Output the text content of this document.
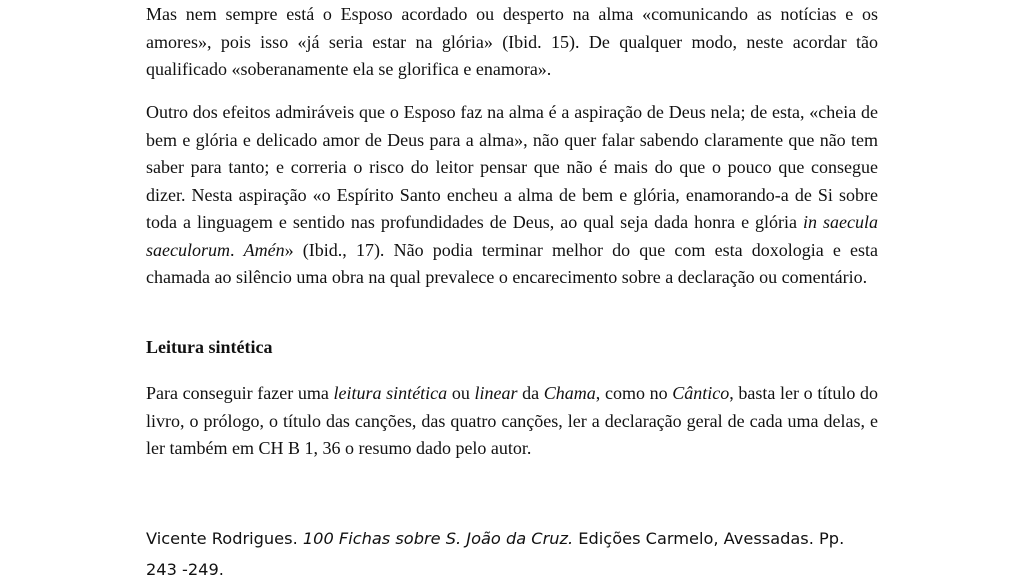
Mas nem sempre está o Esposo acordado ou desperto na alma «comunicando as notícias e os amores», pois isso «já seria estar na glória» (Ibid. 15). De qualquer modo, neste acordar tão qualificado «soberanamente ela se glorifica e enamora».

Outro dos efeitos admiráveis que o Esposo faz na alma é a aspiração de Deus nela; de esta, «cheia de bem e glória e delicado amor de Deus para a alma», não quer falar sabendo claramente que não tem saber para tanto; e correria o risco do leitor pensar que não é mais do que o pouco que consegue dizer. Nesta aspiração «o Espírito Santo encheu a alma de bem e glória, enamorando-a de Si sobre toda a linguagem e sentido nas profundidades de Deus, ao qual seja dada honra e glória in saecula saeculorum. Amén» (Ibid., 17). Não podia terminar melhor do que com esta doxologia e esta chamada ao silêncio uma obra na qual prevalece o encarecimento sobre a declaração ou comentário.

Leitura sintética

Para conseguir fazer uma leitura sintética ou linear da Chama, como no Cântico, basta ler o título do livro, o prólogo, o título das canções, das quatro canções, ler a declaração geral de cada uma delas, e ler também em CH B 1, 36 o resumo dado pelo autor.

Vicente Rodrigues. 100 Fichas sobre S. João da Cruz. Edições Carmelo, Avessadas. Pp. 243 -249.
